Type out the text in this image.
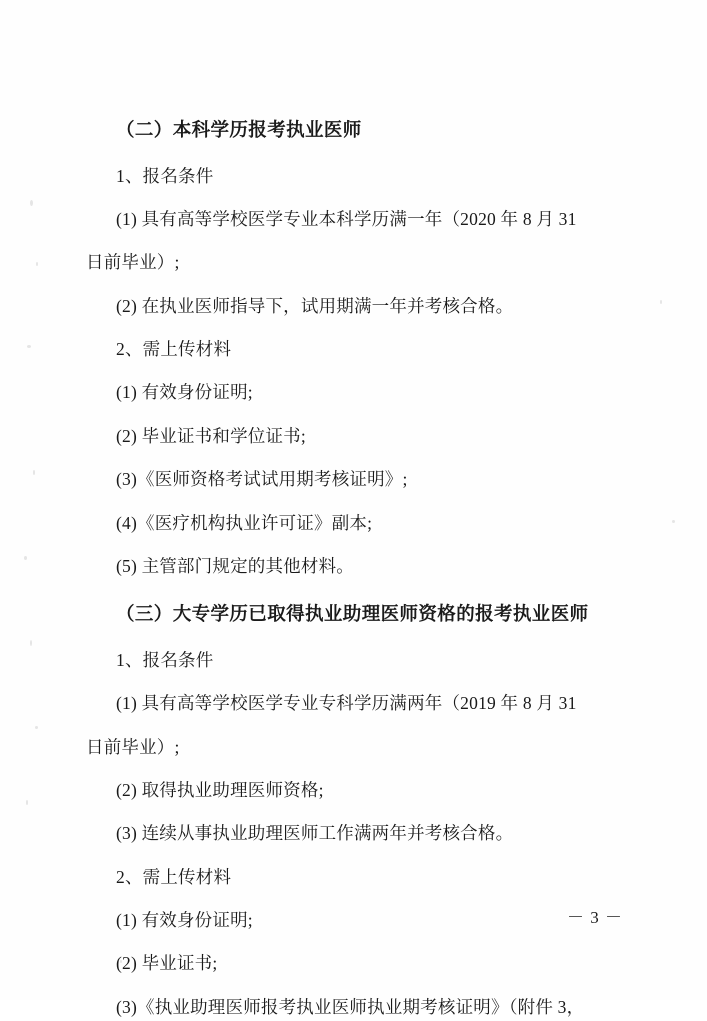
（二）本科学历报考执业医师
1、报名条件
(1) 具有高等学校医学专业本科学历满一年（2020 年 8 月 31
日前毕业）;
(2) 在执业医师指导下，试用期满一年并考核合格。
2、需上传材料
(1) 有效身份证明;
(2) 毕业证书和学位证书;
(3)《医师资格考试试用期考核证明》;
(4)《医疗机构执业许可证》副本;
(5) 主管部门规定的其他材料。
（三）大专学历已取得执业助理医师资格的报考执业医师
1、报名条件
(1) 具有高等学校医学专业专科学历满两年（2019 年 8 月 31
日前毕业）;
(2) 取得执业助理医师资格;
(3) 连续从事执业助理医师工作满两年并考核合格。
2、需上传材料
(1) 有效身份证明;
(2) 毕业证书;
(3)《执业助理医师报考执业医师执业期考核证明》（附件 3，
－ 3 －
